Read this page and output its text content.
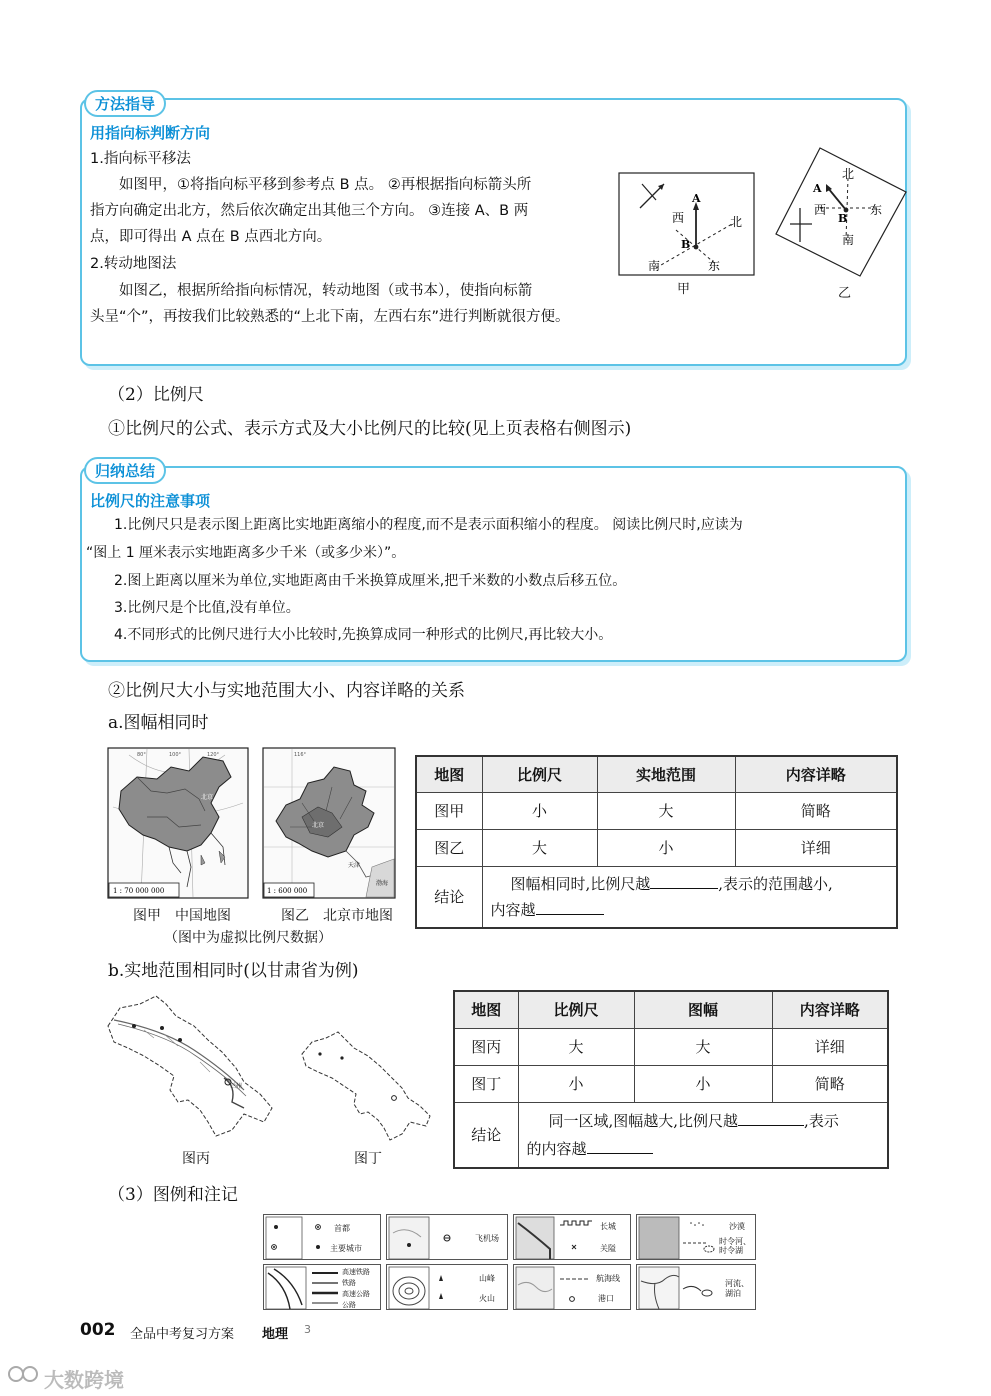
方法指导
用指向标判断方向
1.指向标平移法
　　如图甲，①将指向标平移到参考点 B 点。 ②再根据指向标箭头所
指方向确定出北方，然后依次确定出其他三个方向。 ③连接 A、B 两
点，即可得出 A 点在 B 点西北方向。
2.转动地图法
　　如图乙，根据所给指向标情况，转动地图（或书本），使指向标箭
头呈“个”，再按我们比较熟悉的“上北下南，左西右东”进行判断就很方便。
A
B
西	北
南	东
甲
北
A
西
B
东
南
乙
（2）比例尺
①比例尺的公式、表示方式及大小比例尺的比较(见上页表格右侧图示)
归纳总结
比例尺的注意事项
　　1.比例尺只是表示图上距离比实地距离缩小的程度,而不是表示面积缩小的程度。 阅读比例尺时,应读为
“图上 1 厘米表示实地距离多少千米（或多少米）”。
　　2.图上距离以厘米为单位,实地距离由千米换算成厘米,把千米数的小数点后移五位。
　　3.比例尺是个比值,没有单位。
　　4.不同形式的比例尺进行大小比较时,先换算成同一种形式的比例尺,再比较大小。
②比例尺大小与实地范围大小、内容详略的关系
a.图幅相同时
1 : 70 000 000
80°	100°	120°
北京
图甲　中国地图
1 : 600 000
116°
北京
天津
渤海
图乙　北京市地图
（图中为虚拟比例尺数据）
地图	比例尺	实地范围	内容详略
图甲	小	大	简略
图乙	大	小	详细
结论	图幅相同时,比例尺越 ,表示的范围越小,
内容越		
b.实地范围相同时(以甘肃省为例)
兰州
图丙	图丁
地图	比例尺	图幅	内容详略
图丙	大	大	详细
图丁	小	小	简略
结论	同一区域,图幅越大,比例尺越 ,表示
的内容越		
（3）图例和注记
首都
主要城市
飞机场
长城
关隘
沙漠
时令河、时令湖
高速铁路
铁路
高速公路
公路
山峰
火山
航海线
港口
河流、湖泊
002 全品中考复习方案 地理 3
大数跨境
